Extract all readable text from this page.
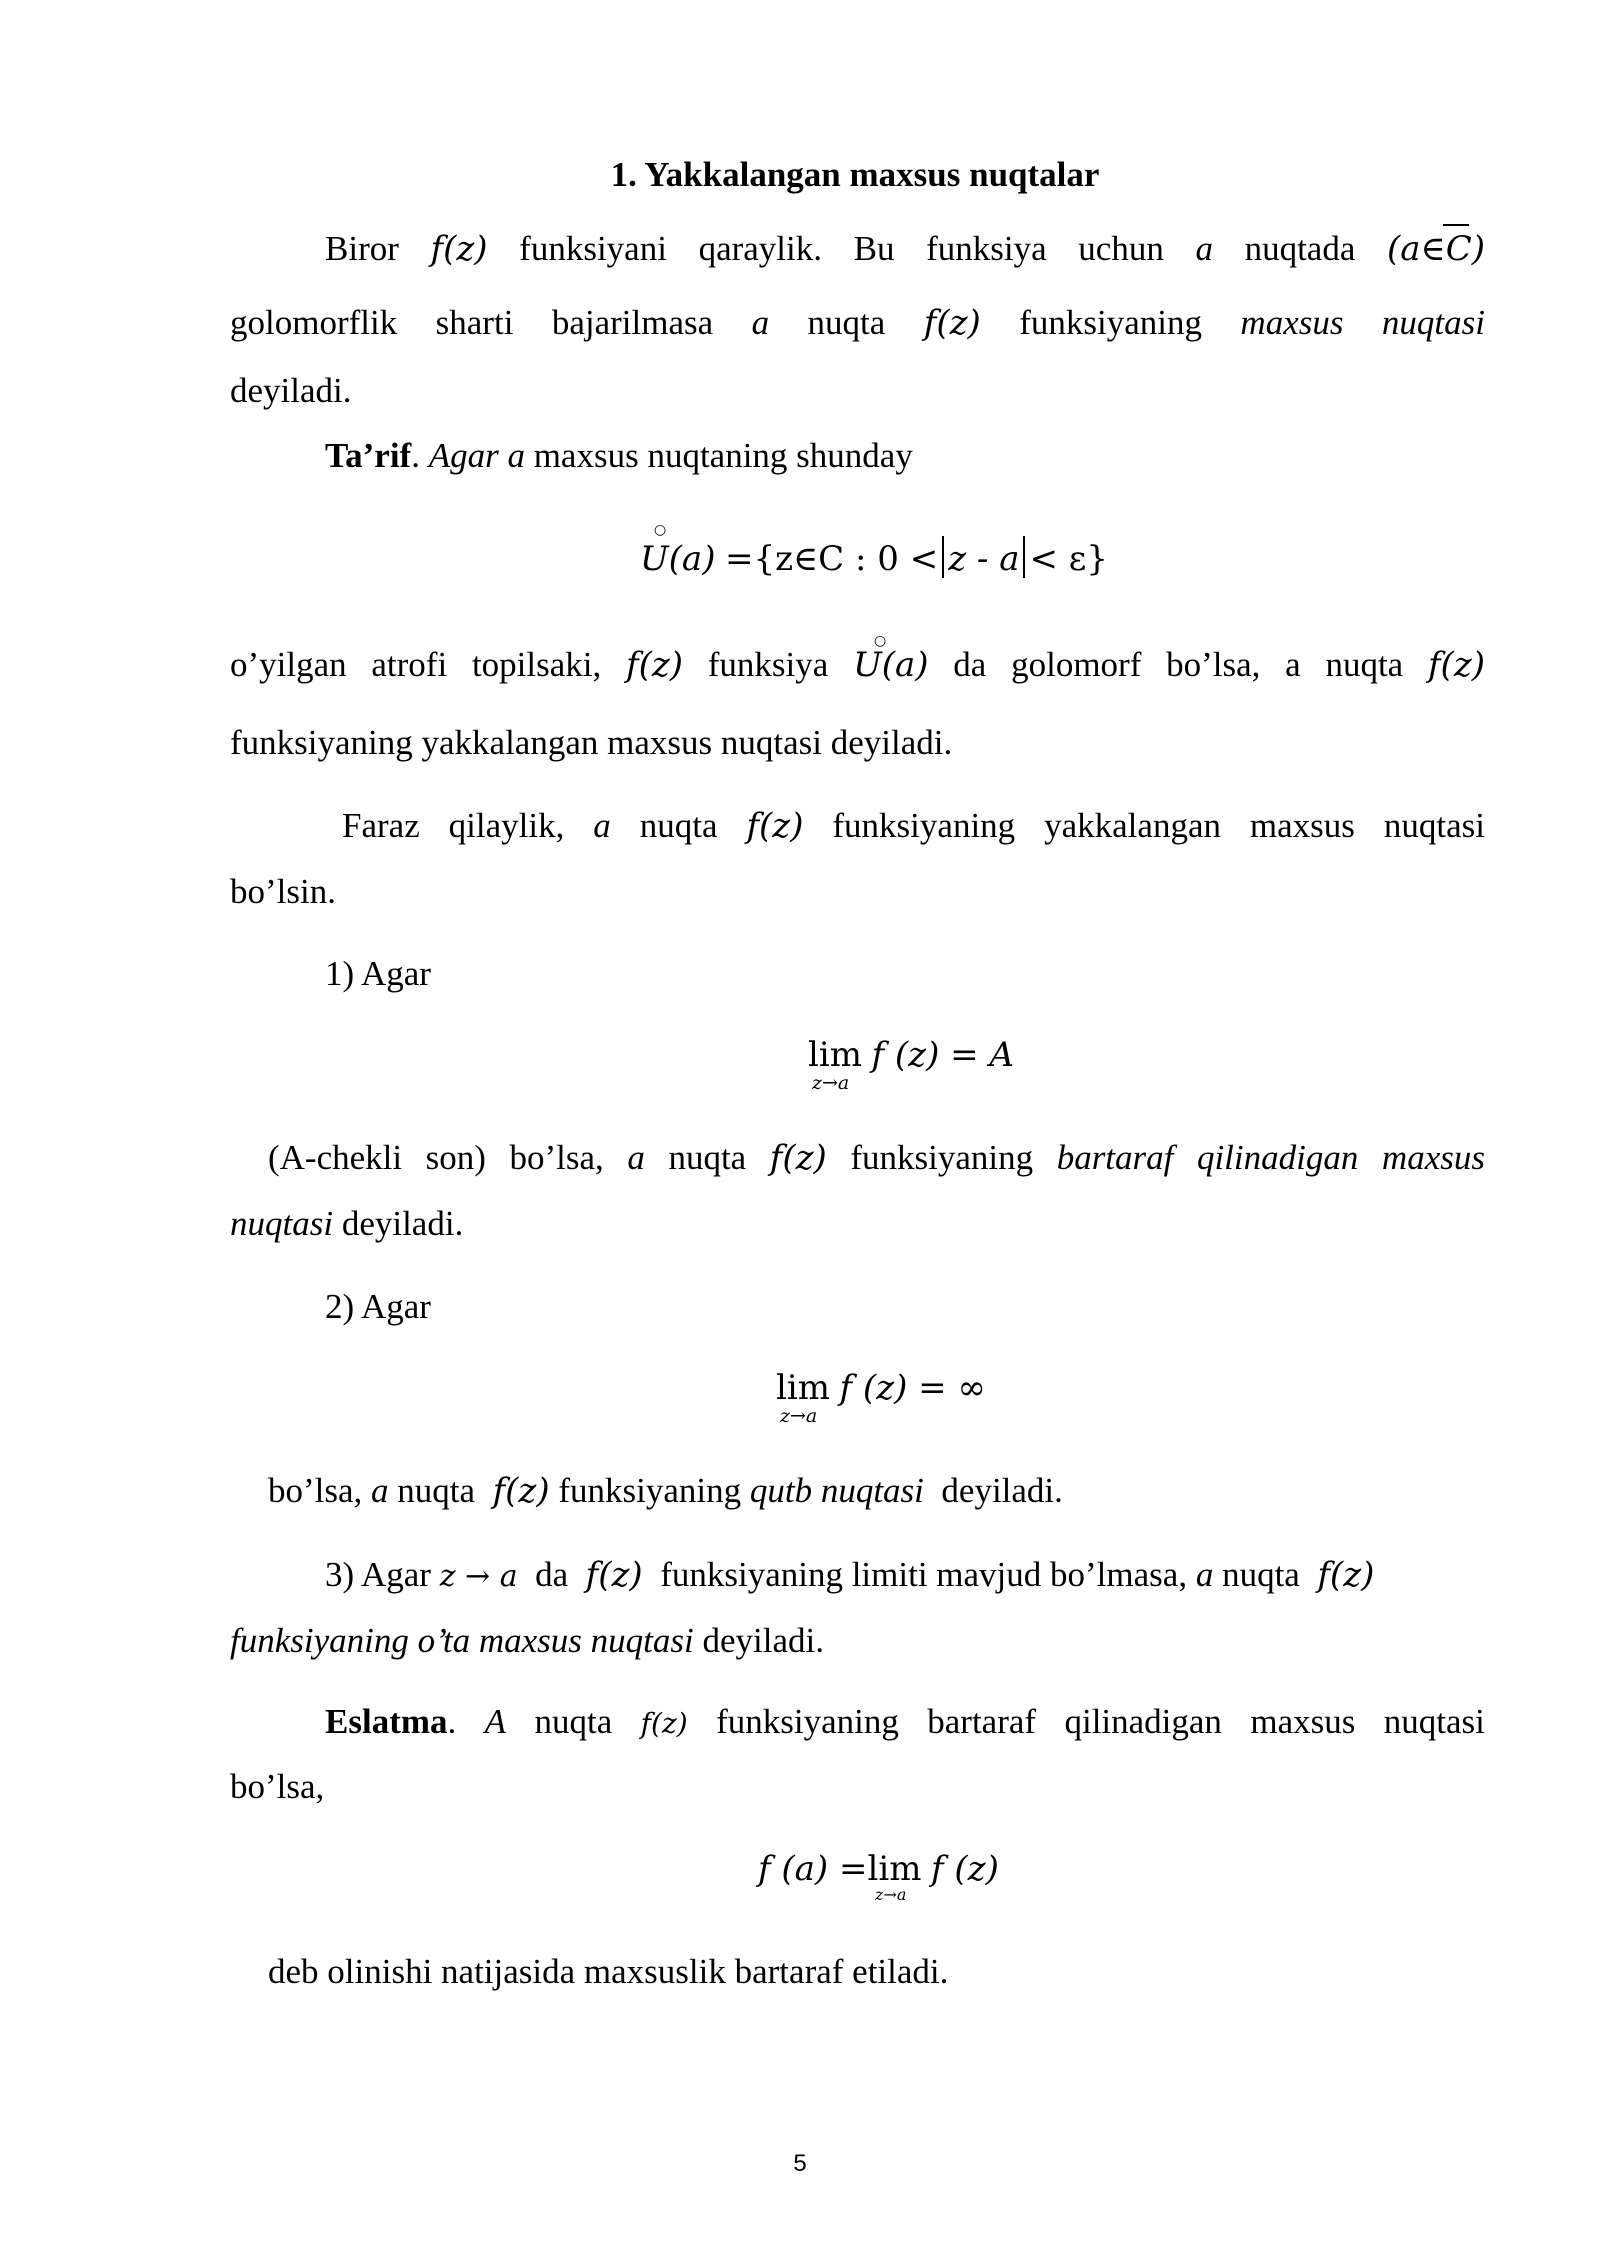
1. Yakkalangan maxsus nuqtalar
Biror f(z) funksiyani qaraylik. Bu funksiya uchun a nuqtada (a∈C)
golomorflik sharti bajarilmasa a nuqta f(z) funksiyaning maxsus nuqtasi
deyiladi.
Ta’rif. Agar a maxsus nuqtaning shunday
○
U(a) ={z∈C : 0 < z - a < ε}
○
o’yilgan atrofi topilsaki, f(z) funksiya U(a) da golomorf bo’lsa, a nuqta f(z)
funksiyaning yakkalangan maxsus nuqtasi deyiladi.
Faraz qilaylik, a nuqta f(z) funksiyaning yakkalangan maxsus nuqtasi
bo’lsin.
1) Agar
lim f (z) = A
z→a
(A-chekli son) bo’lsa, a nuqta f(z) funksiyaning bartaraf qilinadigan maxsus
nuqtasi deyiladi.
2) Agar
lim f (z) = ∞
z→a
bo’lsa, a nuqta f(z) funksiyaning qutb nuqtasi deyiladi.
3) Agar z → a da f(z) funksiyaning limiti mavjud bo’lmasa, a nuqta f(z)
funksiyaning o’ta maxsus nuqtasi deyiladi.
Eslatma. A nuqta f(z) funksiyaning bartaraf qilinadigan maxsus nuqtasi
bo’lsa,
f (a) =lim f (z)
z→a
deb olinishi natijasida maxsuslik bartaraf etiladi.
5
